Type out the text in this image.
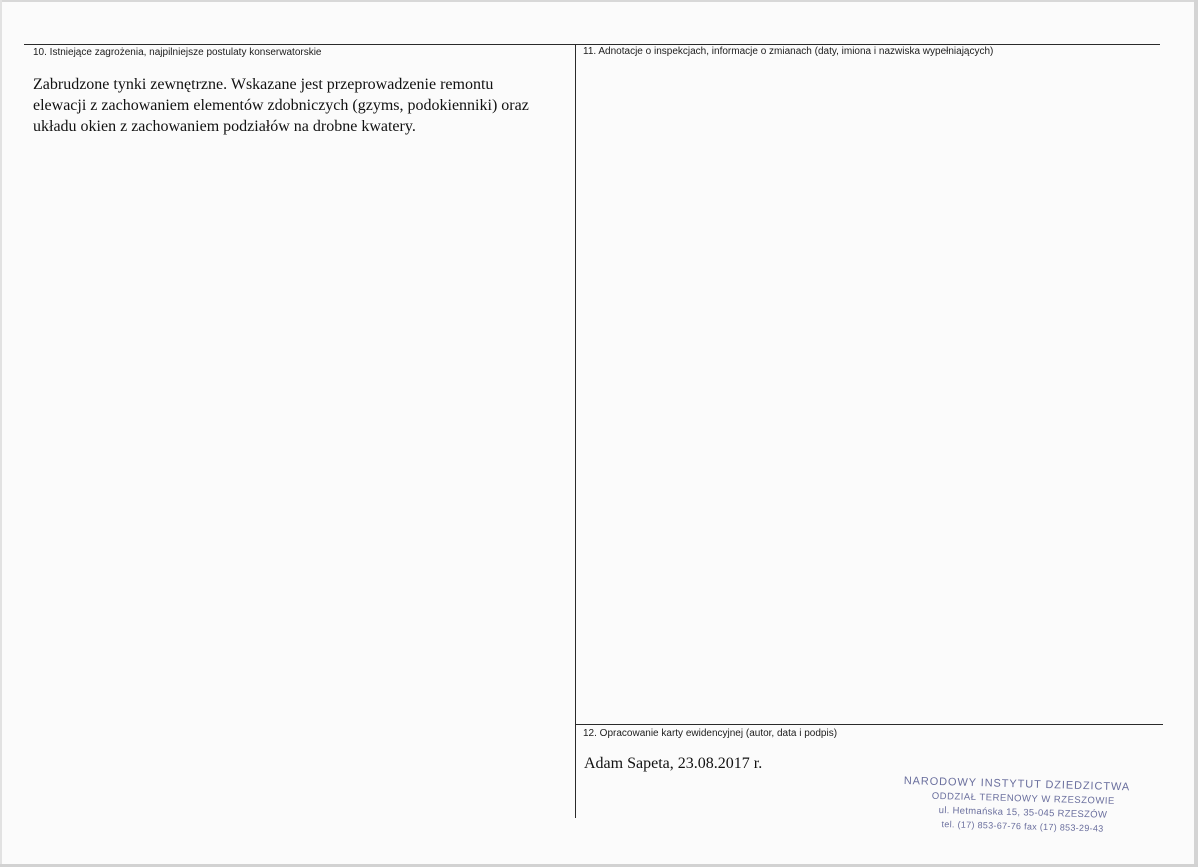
10. Istniejące zagrożenia, najpilniejsze postulaty konserwatorskie
Zabrudzone tynki zewnętrzne. Wskazane jest przeprowadzenie remontu
elewacji z zachowaniem elementów zdobniczych (gzyms, podokienniki) oraz
układu okien z zachowaniem podziałów na drobne kwatery.
11. Adnotacje o inspekcjach, informacje o zmianach (daty, imiona i nazwiska wypełniających)
12. Opracowanie karty ewidencyjnej (autor, data i podpis)
Adam Sapeta, 23.08.2017 r.
NARODOWY INSTYTUT DZIEDZICTWA
ODDZIAŁ TERENOWY W RZESZOWIE
ul. Hetmańska 15, 35-045 RZESZÓW
tel. (17) 853-67-76 fax (17) 853-29-43
